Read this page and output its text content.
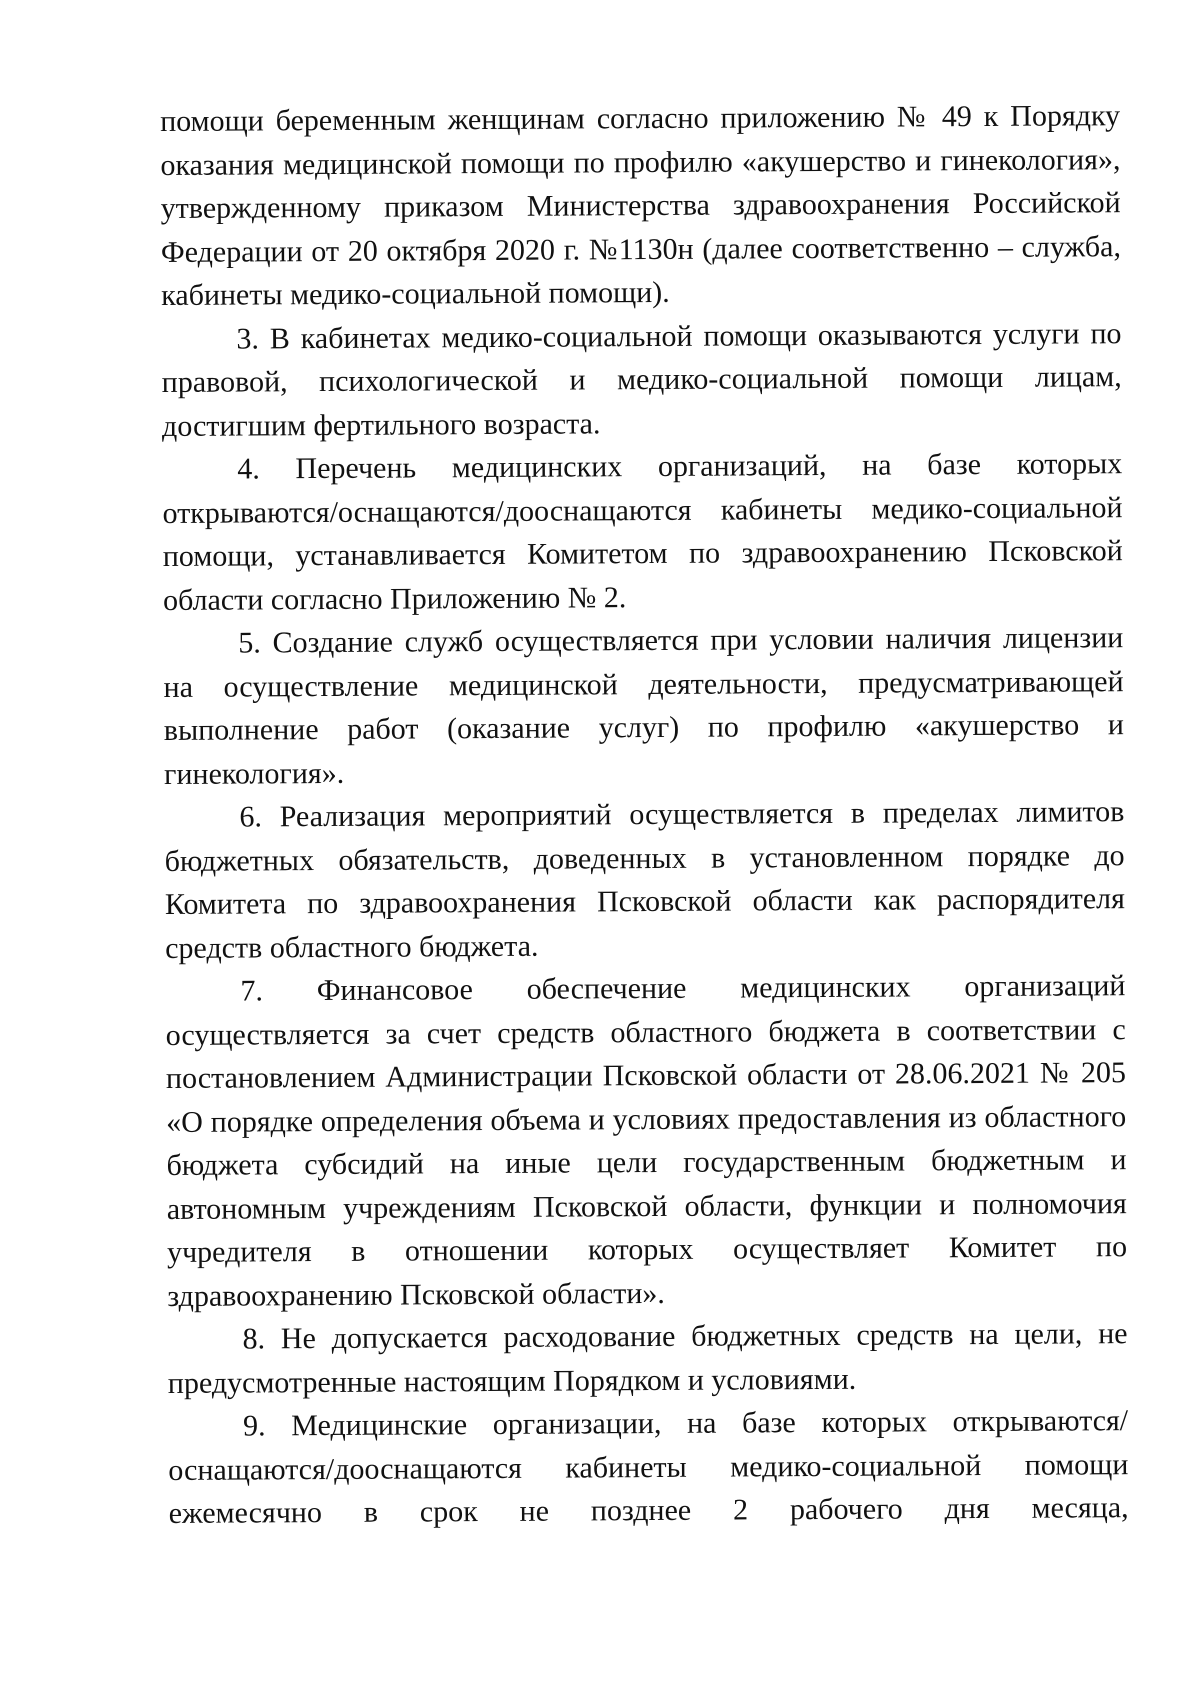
помощи беременным женщинам согласно приложению № 49 к Порядку оказания медицинской помощи по профилю «акушерство и гинекология», утвержденному приказом Министерства здравоохранения Российской Федерации от 20 октября 2020 г. №1130н (далее соответственно – служба, кабинеты медико-социальной помощи).

3. В кабинетах медико-социальной помощи оказываются услуги по правовой, психологической и медико-социальной помощи лицам, достигшим фертильного возраста.

4. Перечень медицинских организаций, на базе которых открываются/оснащаются/дооснащаются кабинеты медико-социальной помощи, устанавливается Комитетом по здравоохранению Псковской области согласно Приложению № 2.

5. Создание служб осуществляется при условии наличия лицензии на осуществление медицинской деятельности, предусматривающей выполнение работ (оказание услуг) по профилю «акушерство и гинекология».

6. Реализация мероприятий осуществляется в пределах лимитов бюджетных обязательств, доведенных в установленном порядке до Комитета по здравоохранения Псковской области как распорядителя средств областного бюджета.

7. Финансовое обеспечение медицинских организаций осуществляется за счет средств областного бюджета в соответствии с постановлением Администрации Псковской области от 28.06.2021 № 205 «О порядке определения объема и условиях предоставления из областного бюджета субсидий на иные цели государственным бюджетным и автономным учреждениям Псковской области, функции и полномочия учредителя в отношении которых осуществляет Комитет по здравоохранению Псковской области».

8. Не допускается расходование бюджетных средств на цели, не предусмотренные настоящим Порядком и условиями.

9. Медицинские организации, на базе которых открываются/оснащаются/дооснащаются кабинеты медико-социальной помощи ежемесячно в срок не позднее 2 рабочего дня месяца,
